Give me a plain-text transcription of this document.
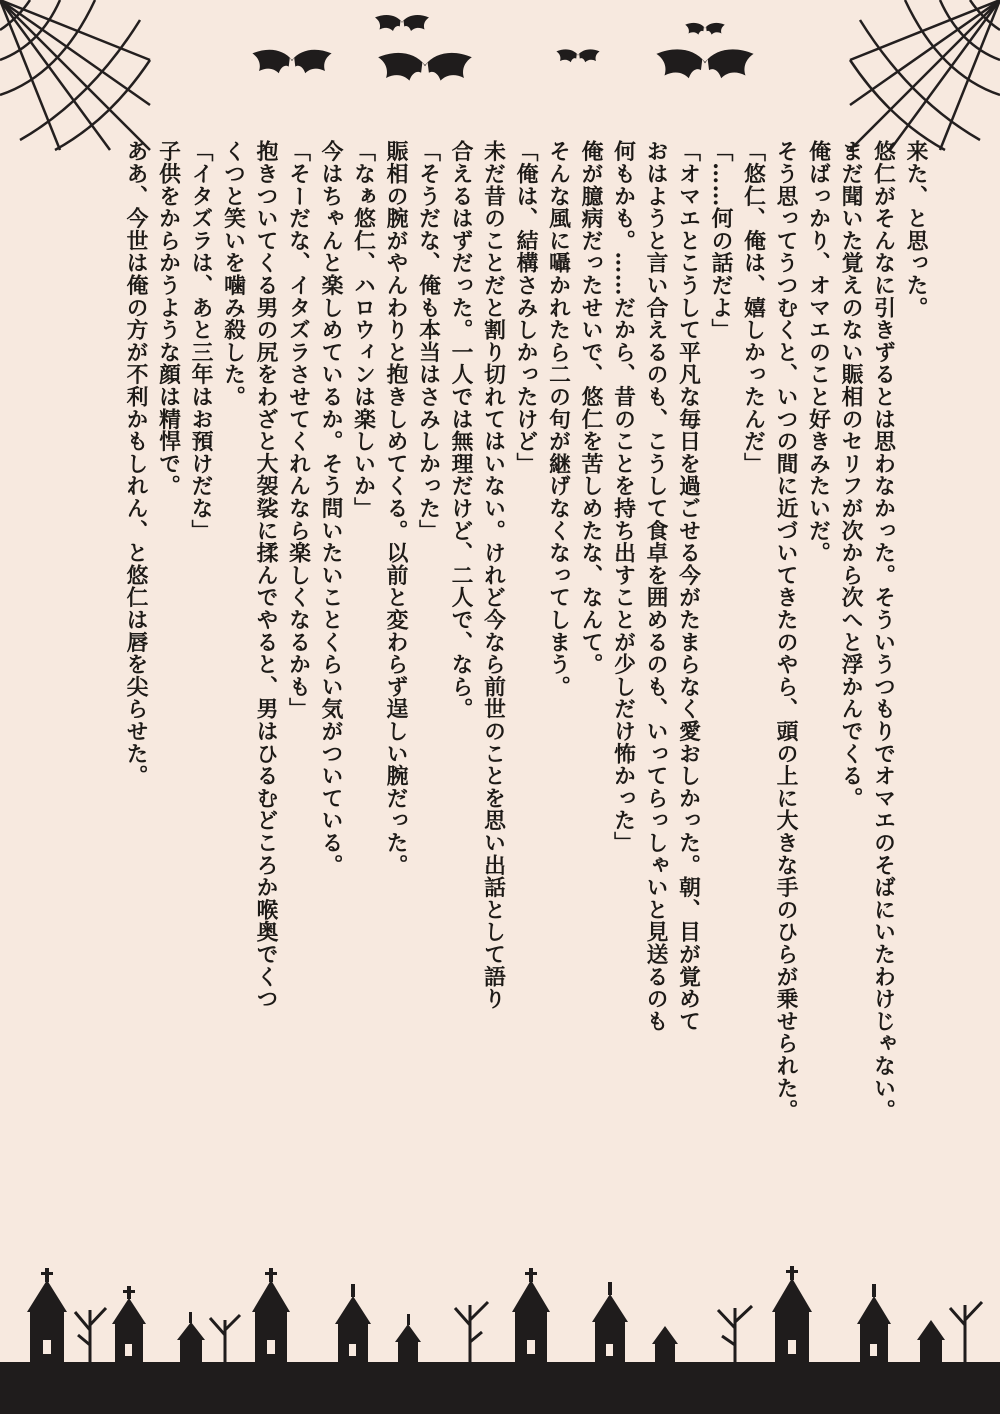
来た、と思った。
悠仁がそんなに引きずるとは思わなかった。そういうつもりでオマエのそばにいたわけじゃない。
まだ聞いた覚えのない賑相のセリフが次から次へと浮かんでくる。
俺ばっかり、オマエのこと好きみたいだ。
そう思ってうつむくと、いつの間に近づいてきたのやら、頭の上に大きな手のひらが乗せられた。
「悠仁、俺は、嬉しかったんだ」
「……何の話だよ」
「オマエとこうして平凡な毎日を過ごせる今がたまらなく愛おしかった。朝、目が覚めて
おはようと言い合えるのも、こうして食卓を囲めるのも、いってらっしゃいと見送るのも
何もかも。……だから、昔のことを持ち出すことが少しだけ怖かった」
俺が臆病だったせいで、悠仁を苦しめたな、なんて。
そんな風に囁かれたら二の句が継げなくなってしまう。
「俺は、結構さみしかったけど」
未だ昔のことだと割り切れてはいない。けれど今なら前世のことを思い出話として語り
合えるはずだった。一人では無理だけど、二人で、なら。
「そうだな、俺も本当はさみしかった」
賑相の腕がやんわりと抱きしめてくる。以前と変わらず逞しい腕だった。
「なぁ悠仁、ハロウィンは楽しいか」
今はちゃんと楽しめているか。そう問いたいことくらい気がついている。
「そーだな、イタズラさせてくれんなら楽しくなるかも」
抱きついてくる男の尻をわざと大袈裟に揉んでやると、男はひるむどころか喉奥でくつ
くつと笑いを噛み殺した。
「イタズラは、あと三年はお預けだな」
子供をからかうような顔は精悍で。
ああ、今世は俺の方が不利かもしれん、と悠仁は唇を尖らせた。
